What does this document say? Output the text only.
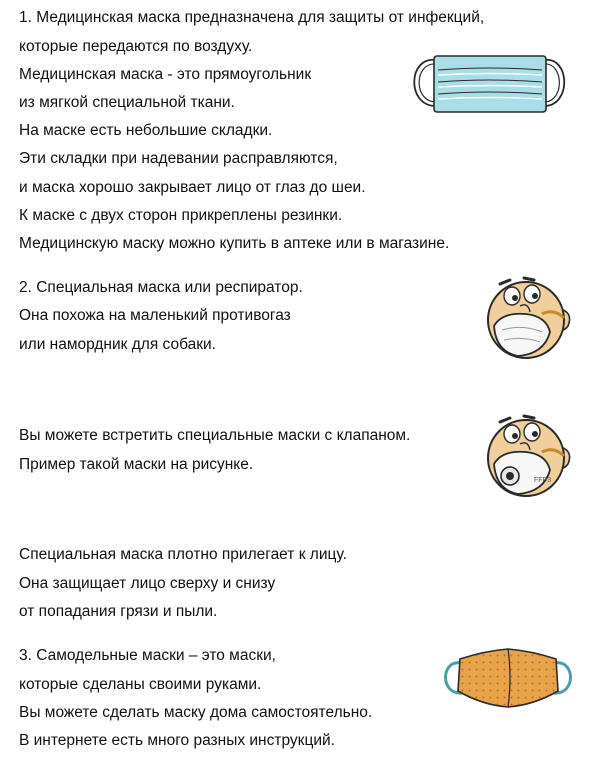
1. Медицинская маска предназначена для защиты от инфекций,

которые передаются по воздуху.

Медицинская маска - это прямоугольник

из мягкой специальной ткани.

На маске есть небольшие складки.

Эти складки при надевании расправляются,

и маска хорошо закрывает лицо от глаз до шеи.

К маске с двух сторон прикреплены резинки.

Медицинскую маску можно купить в аптеке или в магазине.

2. Специальная маска или респиратор.

Она похожа на маленький противогаз

или намордник для собаки.

Вы можете встретить специальные маски с клапаном.

Пример такой маски на рисунке.

FFP3

Специальная маска плотно прилегает к лицу.

Она защищает лицо сверху и снизу

от попадания грязи и пыли.

3. Самодельные маски – это маски,

которые сделаны своими руками.

Вы можете сделать маску дома самостоятельно.

В интернете есть много разных инструкций.
